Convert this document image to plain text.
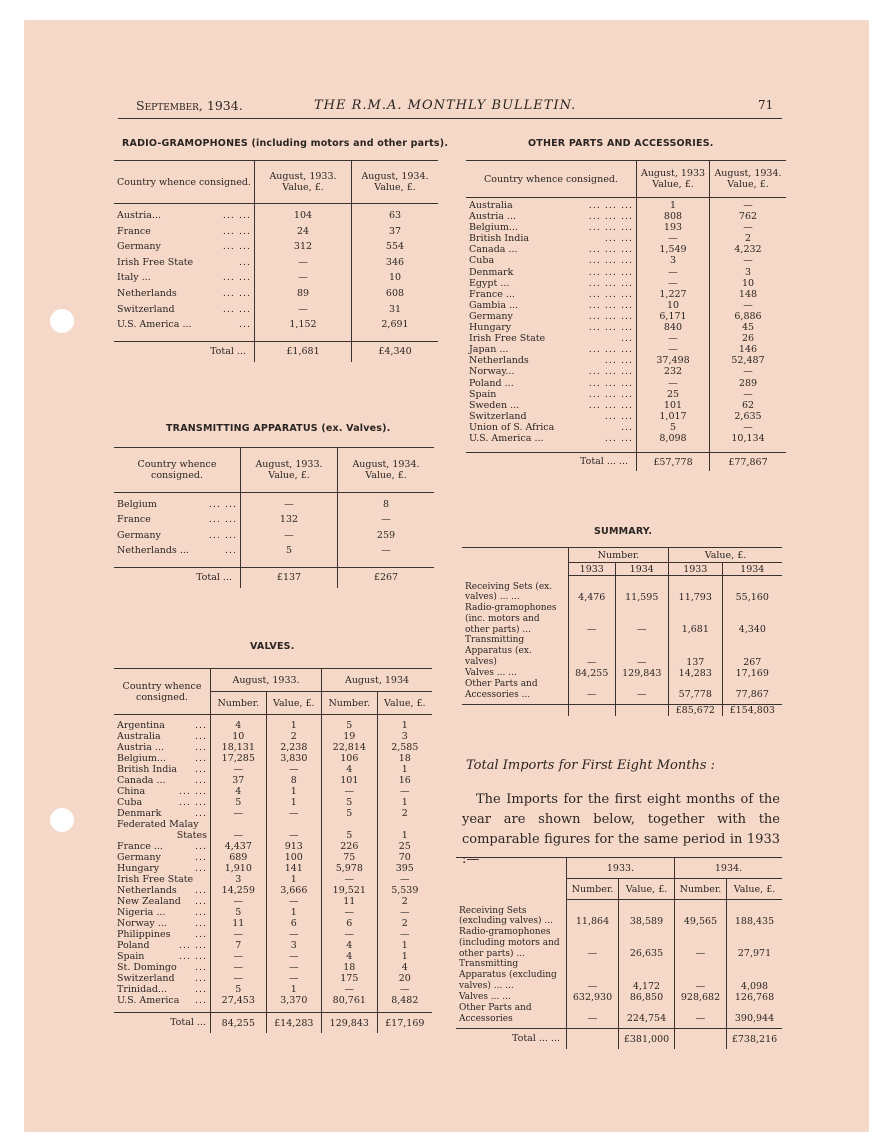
September, 1934.	THE R.M.A. MONTHLY BULLETIN.	71
RADIO-GRAMOPHONES (including motors and other parts).
Country whence consigned.	August, 1933. Value, £.	August, 1934. Value, £.
Austria... ... ...	104	63
France ... ...	24	37
Germany ... ...	312	554
Irish Free State ...	—	346
Italy ... ... ...	—	10
Netherlands ... ...	89	608
Switzerland ... ...	—	31
U.S. America ... ...	1,152	2,691

Total ...	£1,681	£4,340
TRANSMITTING APPARATUS (ex. Valves).
Country whence consigned.	August, 1933. Value, £.	August, 1934. Value, £.
Belgium ... ...	—	8
France ... ...	132	—
Germany ... ...	—	259
Netherlands ... ...	5	—

Total ...	£137	£267
VALVES.
Country whence consigned.	August, 1933.		August, 1934	
	Number.	Value, £.	Number.	Value, £.
Argentina ...	4	1	5	1
Australia ...	10	2	19	3
Austria ... ...	18,131	2,238	22,814	2,585
Belgium... ...	17,285	3,830	106	18
British India ...	—	—	4	1
Canada ... ...	37	8	101	16
China ... ...	4	1	—	—
Cuba ... ...	5	1	5	1
Denmark ...	—	—	5	2
Federated Malay

States	—	—	5	1
France ... ...	4,437	913	226	25
Germany ...	689	100	75	70
Hungary ...	1,910	141	5,978	395
Irish Free State	3	1	—	—
Netherlands ...	14,259	3,666	19,521	5,539
New Zealand ...	—	—	11	2
Nigeria ... ...	5	1	—	—
Norway ... ...	11	6	6	2
Philippines ...	—	—	—	—
Poland ... ...	7	3	4	1
Spain ... ...	—	—	4	1
St. Domingo ...	—	—	18	4
Switzerland ...	—	—	175	20
Trinidad... ...	5	1	—	—
U.S. America ...	27,453	3,370	80,761	8,482

Total ...	84,255	£14,283	129,843	£17,169
OTHER PARTS AND ACCESSORIES.
Country whence consigned.	August, 1933 Value, £.	August, 1934. Value, £.
Australia ... ... ...	1	—
Austria ... ... ... ...	808	762
Belgium... ... ... ...	193	—
British India ... ...	—	2
Canada ... ... ... ...	1,549	4,232
Cuba ... ... ...	3	—
Denmark ... ... ...	—	3
Egypt ... ... ... ...	—	10
France ... ... ... ...	1,227	148
Gambia ... ... ... ...	10	—
Germany ... ... ...	6,171	6,886
Hungary ... ... ...	840	45
Irish Free State ...	—	26
Japan ... ... ... ...	—	146
Netherlands ... ...	37,498	52,487
Norway... ... ... ...	232	—
Poland ... ... ... ...	—	289
Spain ... ... ...	25	—
Sweden ... ... ... ...	101	62
Switzerland ... ...	1,017	2,635
Union of S. Africa ...	5	—
U.S. America ... ... ...	8,098	10,134

Total ... ...	£57,778	£77,867
SUMMARY.
	Number.		Value, £.	
	1933	1934	1933	1934
Receiving Sets (ex. valves) ... ...	4,476	11,595	11,793	55,160
Radio-gramophones (inc. motors and other parts) ...	—	—	1,681	4,340
Transmitting Apparatus (ex. valves)	—	—	137	267
Valves ... ...	84,255	129,843	14,283	17,169
Other Parts and Accessories ...	—	—	57,778	77,867

			£85,672	£154,803
Total Imports for First Eight Months :
The Imports for the first eight months of the year are shown below, together with the comparable figures for the same period in 1933 :—
	1933.		1934.	
	Number.	Value, £.	Number.	Value, £.
Receiving Sets (excluding valves) ...	11,864	38,589	49,565	188,435
Radio-gramophones (including motors and other parts) ...	—	26,635	—	27,971
Transmitting Apparatus (excluding valves) ... ...	—	4,172	—	4,098
Valves ... ...	632,930	86,850	928,682	126,768
Other Parts and Accessories	—	224,754	—	390,944

Total ... ...		£381,000		£738,216
